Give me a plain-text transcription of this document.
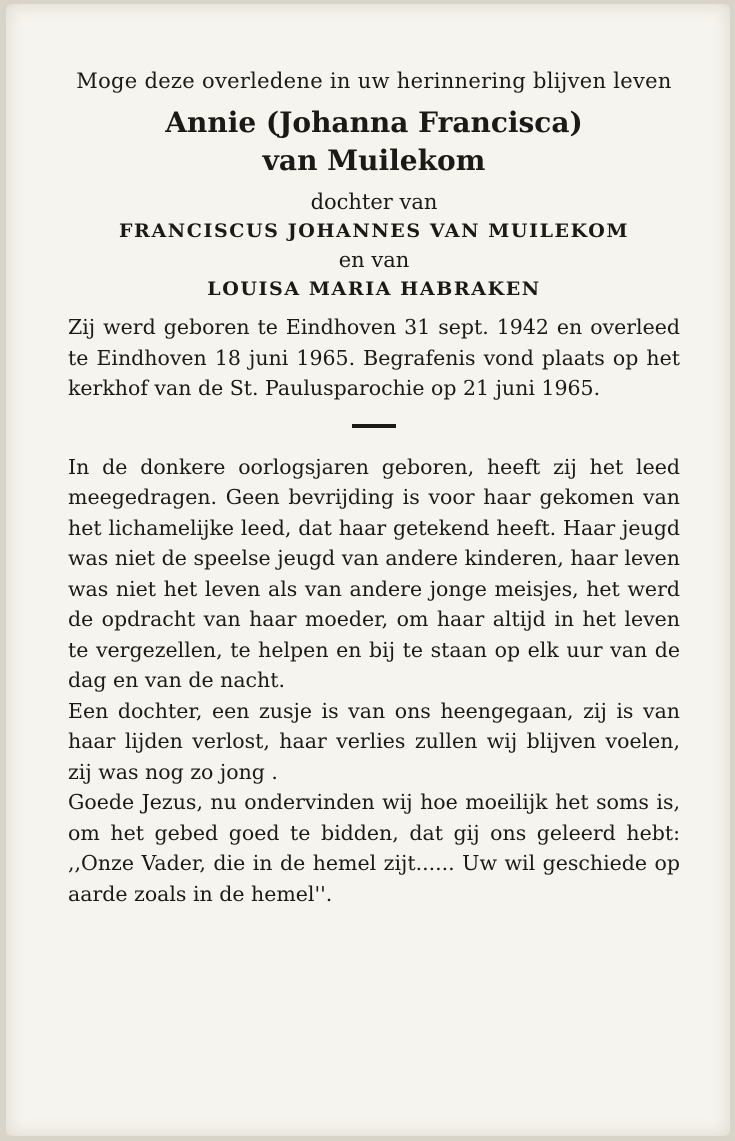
Moge deze overledene in uw herinnering blijven leven

Annie (Johanna Francisca)
van Muilekom

dochter van

FRANCISCUS JOHANNES VAN MUILEKOM

en van

LOUISA MARIA HABRAKEN

Zij werd geboren te Eindhoven 31 sept. 1942 en overleed te Eindhoven 18 juni 1965. Begrafenis vond plaats op het kerkhof van de St. Paulusparochie op 21 juni 1965.

In de donkere oorlogsjaren geboren, heeft zij het leed meegedragen. Geen bevrijding is voor haar gekomen van het lichamelijke leed, dat haar getekend heeft. Haar jeugd was niet de speelse jeugd van andere kinderen, haar leven was niet het leven als van andere jonge meisjes, het werd de opdracht van haar moeder, om haar altijd in het leven te vergezellen, te helpen en bij te staan op elk uur van de dag en van de nacht.

Een dochter, een zusje is van ons heengegaan, zij is van haar lijden verlost, haar verlies zullen wij blijven voelen, zij was nog zo jong .

Goede Jezus, nu ondervinden wij hoe moeilijk het soms is, om het gebed goed te bidden, dat gij ons geleerd hebt: ,,Onze Vader, die in de hemel zijt...... Uw wil geschiede op aarde zoals in de hemel''.
